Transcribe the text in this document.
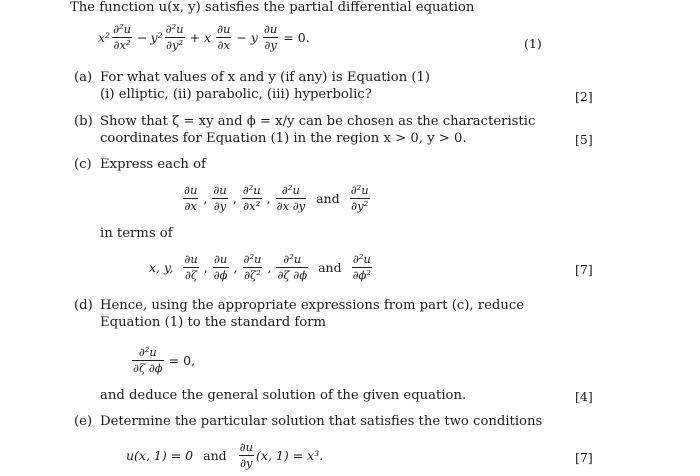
The function u(x, y) satisfies the partial differential equation
$x^2 \frac{\text{∂²u}}{\text{∂x²}} - y^2 \frac{\text{∂²u}}{\text{∂y²}} + x \frac{\partial u}{\partial x} - y \frac{\partial u}{\partial y} = 0$.	(1)
(a) For what values of x and y (if any) is Equation (1)
(i) elliptic, (ii) parabolic, (iii) hyperbolic?	[2]
(b) Show that ζ = xy and ϕ = x/y can be chosen as the characteristic
coordinates for Equation (1) in the region x > 0, y > 0.	[5]
(c) Express each of
$\frac{\partial u}{\partial x}$ , $\frac{\partial u}{\partial y}$ , $\frac{\text{∂²u}}{\text{∂x²}}$ , $\frac{\text{∂²u}}{\partial x \partial y}$ and $\frac{\text{∂²u}}{\text{∂y²}}$
in terms of
x, y, $\frac{\partial u}{\partial\zeta}$ , $\frac{\partial u}{\partial\phi}$ , $\frac{\text{∂²u}}{\text{∂ζ²}}$ , $\frac{\text{∂²u}}{\partial\zeta \partial\phi}$ and $\frac{\text{∂²u}}{\text{∂ϕ²}}$	[7]
(d) Hence, using the appropriate expressions from part (c), reduce
Equation (1) to the standard form
$\frac{\text{∂²u}}{\partial\zeta \partial\phi} = 0$,
and deduce the general solution of the given equation.	[4]
(e) Determine the particular solution that satisfies the two conditions
u(x, 1) = 0 and $\frac{\partial u}{\partial y} (x$, 1) = x³.	[7]
